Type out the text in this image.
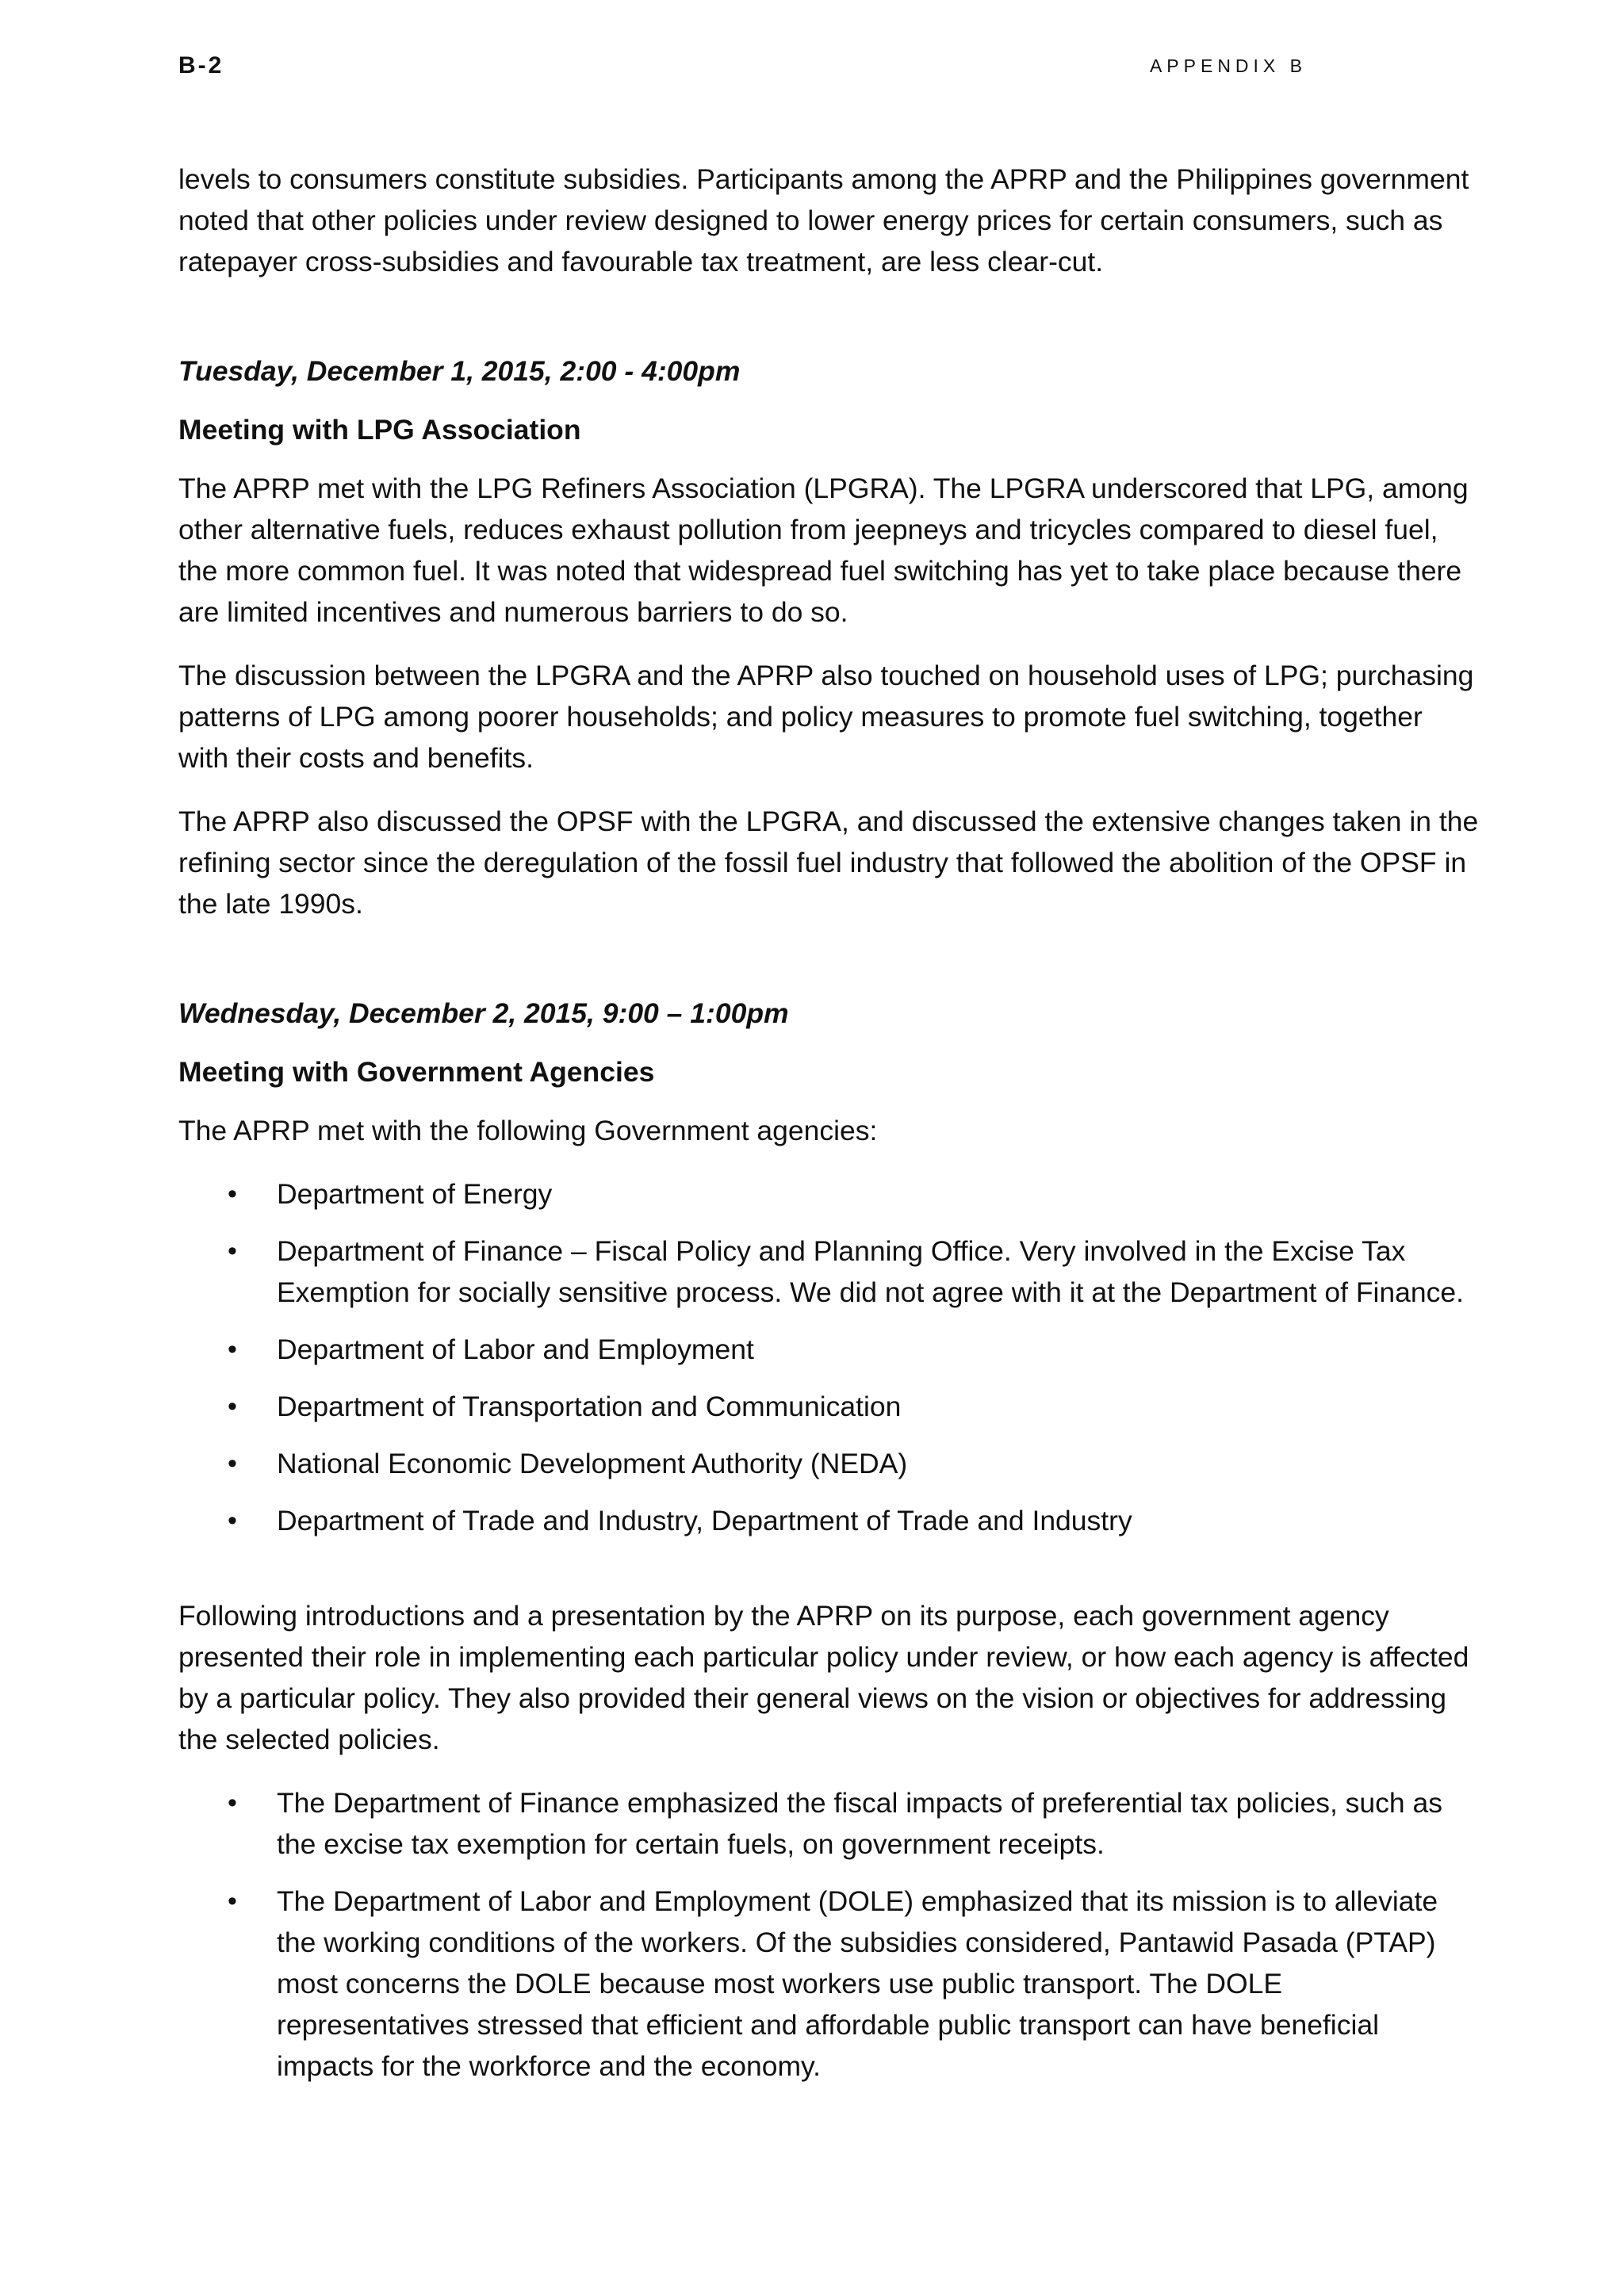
B-2	APPENDIX B

levels to consumers constitute subsidies. Participants among the APRP and the Philippines government noted that other policies under review designed to lower energy prices for certain consumers, such as ratepayer cross-subsidies and favourable tax treatment, are less clear-cut.

Tuesday, December 1, 2015, 2:00 - 4:00pm

Meeting with LPG Association

The APRP met with the LPG Refiners Association (LPGRA). The LPGRA underscored that LPG, among other alternative fuels, reduces exhaust pollution from jeepneys and tricycles compared to diesel fuel, the more common fuel. It was noted that widespread fuel switching has yet to take place because there are limited incentives and numerous barriers to do so.

The discussion between the LPGRA and the APRP also touched on household uses of LPG; purchasing patterns of LPG among poorer households; and policy measures to promote fuel switching, together with their costs and benefits.

The APRP also discussed the OPSF with the LPGRA, and discussed the extensive changes taken in the refining sector since the deregulation of the fossil fuel industry that followed the abolition of the OPSF in the late 1990s.

Wednesday, December 2, 2015, 9:00 – 1:00pm

Meeting with Government Agencies

The APRP met with the following Government agencies:

• Department of Energy
• Department of Finance – Fiscal Policy and Planning Office. Very involved in the Excise Tax Exemption for socially sensitive process. We did not agree with it at the Department of Finance.
• Department of Labor and Employment
• Department of Transportation and Communication
• National Economic Development Authority (NEDA)
• Department of Trade and Industry, Department of Trade and Industry

Following introductions and a presentation by the APRP on its purpose, each government agency presented their role in implementing each particular policy under review, or how each agency is affected by a particular policy. They also provided their general views on the vision or objectives for addressing the selected policies.

• The Department of Finance emphasized the fiscal impacts of preferential tax policies, such as the excise tax exemption for certain fuels, on government receipts.
• The Department of Labor and Employment (DOLE) emphasized that its mission is to alleviate the working conditions of the workers. Of the subsidies considered, Pantawid Pasada (PTAP) most concerns the DOLE because most workers use public transport. The DOLE representatives stressed that efficient and affordable public transport can have beneficial impacts for the workforce and the economy.
